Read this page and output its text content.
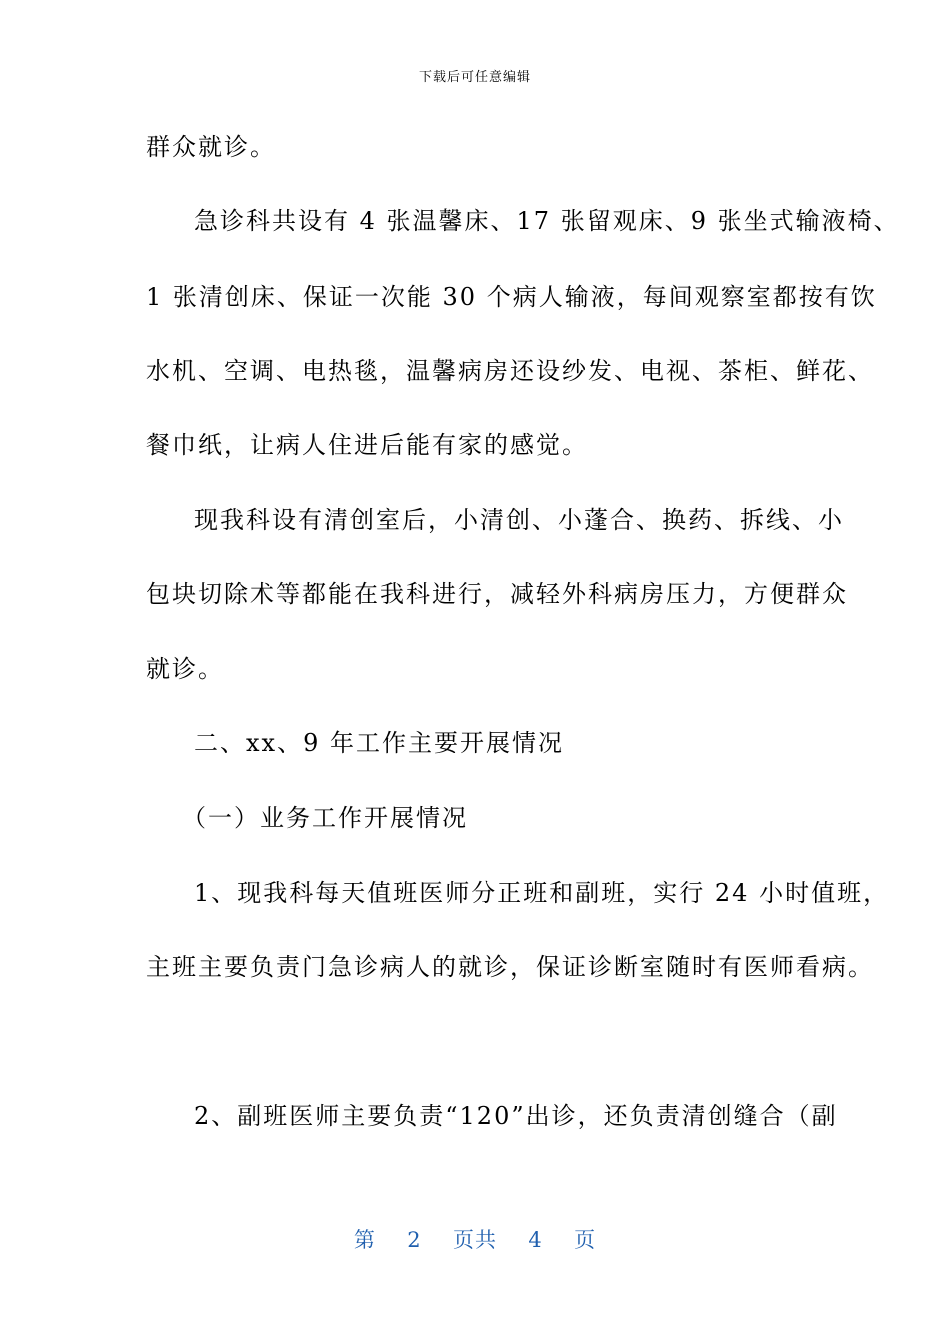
下载后可任意编辑
群众就诊。
急诊科共设有 4 张温馨床、17 张留观床、9 张坐式输液椅、
1 张清创床、保证一次能 30 个病人输液，每间观察室都按有饮
水机、空调、电热毯，温馨病房还设纱发、电视、茶柜、鲜花、
餐巾纸，让病人住进后能有家的感觉。
现我科设有清创室后，小清创、小蓬合、换药、拆线、小
包块切除术等都能在我科进行，减轻外科病房压力，方便群众
就诊。
二、xx、9 年工作主要开展情况
（一）业务工作开展情况
1、现我科每天值班医师分正班和副班，实行 24 小时值班，
主班主要负责门急诊病人的就诊，保证诊断室随时有医师看病。
2、副班医师主要负责“120”出诊，还负责清创缝合（副
第 2 页共 4 页
